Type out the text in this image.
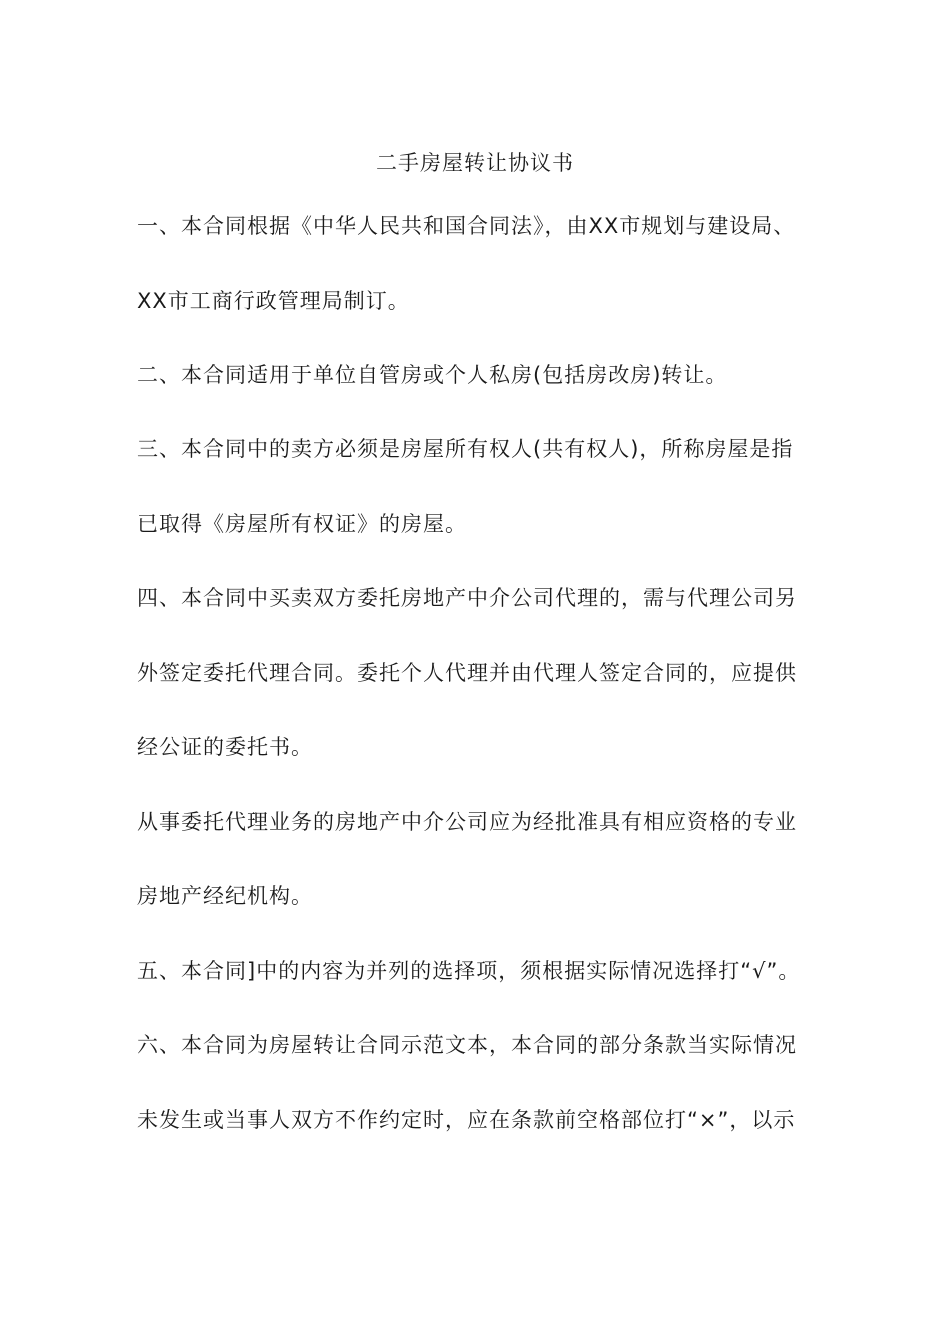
二手房屋转让协议书
一、本合同根据《中华人民共和国合同法》，由XX市规划与建设局、
XX市工商行政管理局制订。
二、本合同适用于单位自管房或个人私房(包括房改房)转让。
三、本合同中的卖方必须是房屋所有权人(共有权人)，所称房屋是指
已取得《房屋所有权证》的房屋。
四、本合同中买卖双方委托房地产中介公司代理的，需与代理公司另
外签定委托代理合同。委托个人代理并由代理人签定合同的，应提供
经公证的委托书。
从事委托代理业务的房地产中介公司应为经批准具有相应资格的专业
房地产经纪机构。
五、本合同]中的内容为并列的选择项，须根据实际情况选择打“√”。
六、本合同为房屋转让合同示范文本，本合同的部分条款当实际情况
未发生或当事人双方不作约定时，应在条款前空格部位打“×”，以示
